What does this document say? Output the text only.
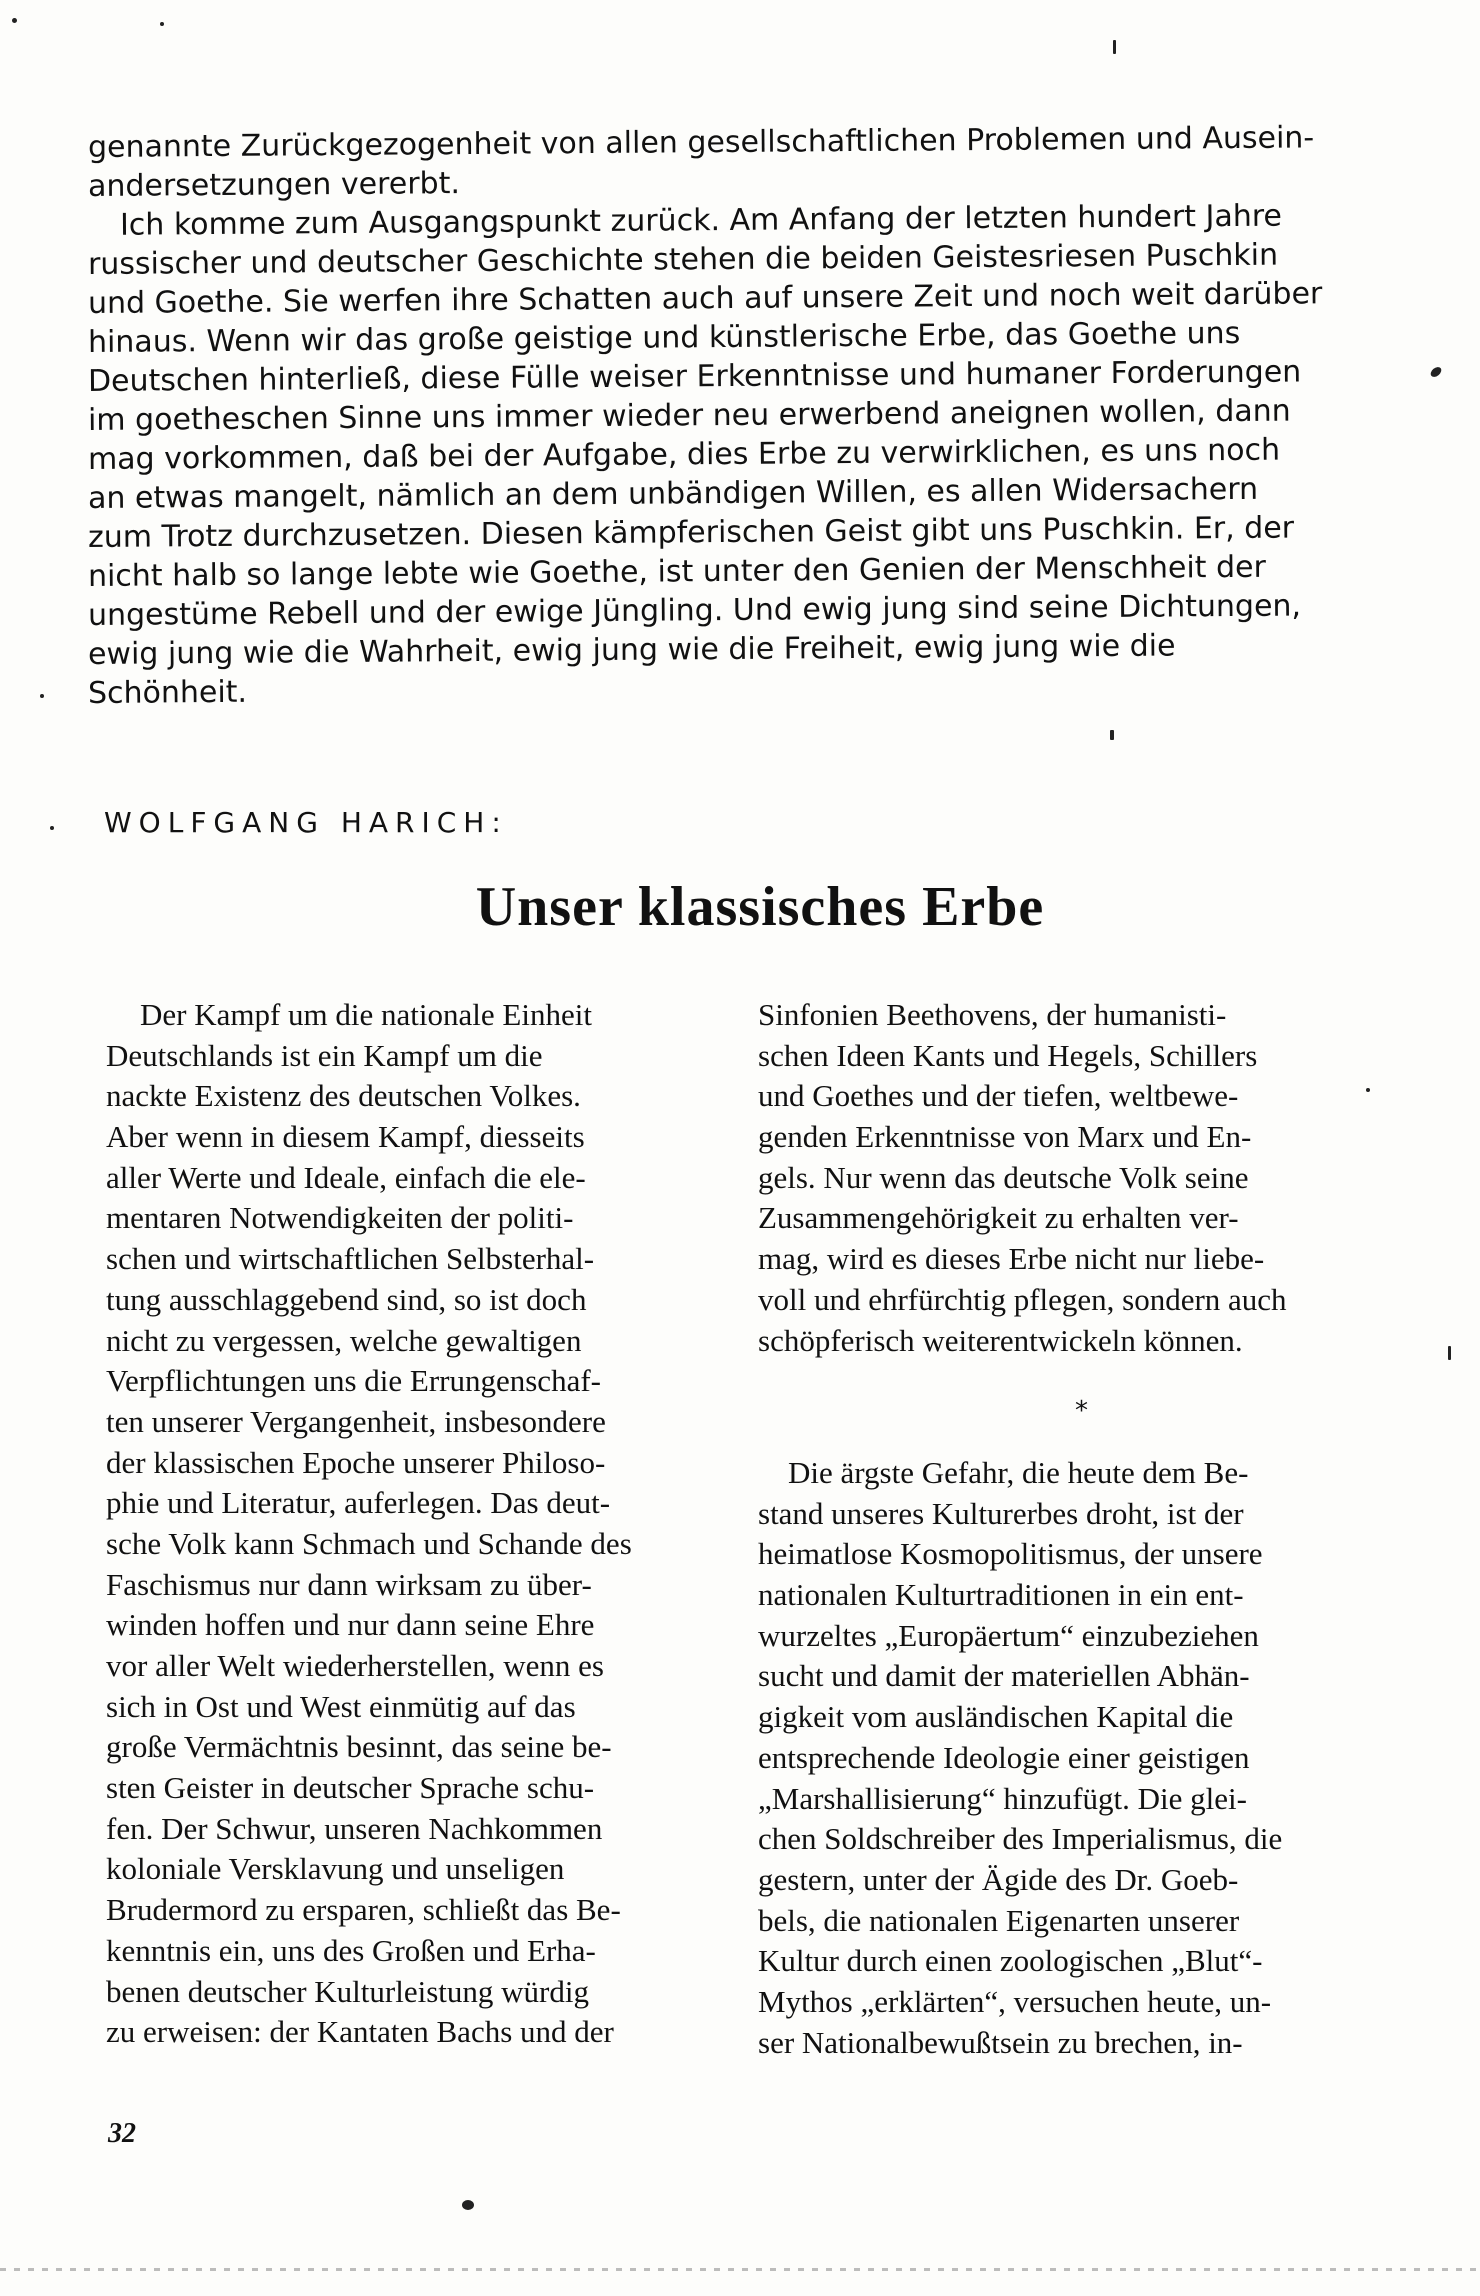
genannte Zurückgezogenheit von allen gesellschaftlichen Problemen und Ausein-
andersetzungen vererbt.
Ich komme zum Ausgangspunkt zurück. Am Anfang der letzten hundert Jahre
russischer und deutscher Geschichte stehen die beiden Geistesriesen Puschkin
und Goethe. Sie werfen ihre Schatten auch auf unsere Zeit und noch weit darüber
hinaus. Wenn wir das große geistige und künstlerische Erbe, das Goethe uns
Deutschen hinterließ, diese Fülle weiser Erkenntnisse und humaner Forderungen
im goetheschen Sinne uns immer wieder neu erwerbend aneignen wollen, dann
mag vorkommen, daß bei der Aufgabe, dies Erbe zu verwirklichen, es uns noch
an etwas mangelt, nämlich an dem unbändigen Willen, es allen Widersachern
zum Trotz durchzusetzen. Diesen kämpferischen Geist gibt uns Puschkin. Er, der
nicht halb so lange lebte wie Goethe, ist unter den Genien der Menschheit der
ungestüme Rebell und der ewige Jüngling. Und ewig jung sind seine Dichtungen,
ewig jung wie die Wahrheit, ewig jung wie die Freiheit, ewig jung wie die
Schönheit.
WOLFGANG HARICH:
Unser klassisches Erbe
Der Kampf um die nationale Einheit
Deutschlands ist ein Kampf um die
nackte Existenz des deutschen Volkes.
Aber wenn in diesem Kampf, diesseits
aller Werte und Ideale, einfach die ele-
mentaren Notwendigkeiten der politi-
schen und wirtschaftlichen Selbsterhal-
tung ausschlaggebend sind, so ist doch
nicht zu vergessen, welche gewaltigen
Verpflichtungen uns die Errungenschaf-
ten unserer Vergangenheit, insbesondere
der klassischen Epoche unserer Philoso-
phie und Literatur, auferlegen. Das deut-
sche Volk kann Schmach und Schande des
Faschismus nur dann wirksam zu über-
winden hoffen und nur dann seine Ehre
vor aller Welt wiederherstellen, wenn es
sich in Ost und West einmütig auf das
große Vermächtnis besinnt, das seine be-
sten Geister in deutscher Sprache schu-
fen. Der Schwur, unseren Nachkommen
koloniale Versklavung und unseligen
Brudermord zu ersparen, schließt das Be-
kenntnis ein, uns des Großen und Erha-
benen deutscher Kulturleistung würdig
zu erweisen: der Kantaten Bachs und der
Sinfonien Beethovens, der humanisti-
schen Ideen Kants und Hegels, Schillers
und Goethes und der tiefen, weltbewe-
genden Erkenntnisse von Marx und En-
gels. Nur wenn das deutsche Volk seine
Zusammengehörigkeit zu erhalten ver-
mag, wird es dieses Erbe nicht nur liebe-
voll und ehrfürchtig pflegen, sondern auch
schöpferisch weiterentwickeln können.
*
Die ärgste Gefahr, die heute dem Be-
stand unseres Kulturerbes droht, ist der
heimatlose Kosmopolitismus, der unsere
nationalen Kulturtraditionen in ein ent-
wurzeltes „Europäertum“ einzubeziehen
sucht und damit der materiellen Abhän-
gigkeit vom ausländischen Kapital die
entsprechende Ideologie einer geistigen
„Marshallisierung“ hinzufügt. Die glei-
chen Soldschreiber des Imperialismus, die
gestern, unter der Ägide des Dr. Goeb-
bels, die nationalen Eigenarten unserer
Kultur durch einen zoologischen „Blut“-
Mythos „erklärten“, versuchen heute, un-
ser Nationalbewußtsein zu brechen, in-
32
